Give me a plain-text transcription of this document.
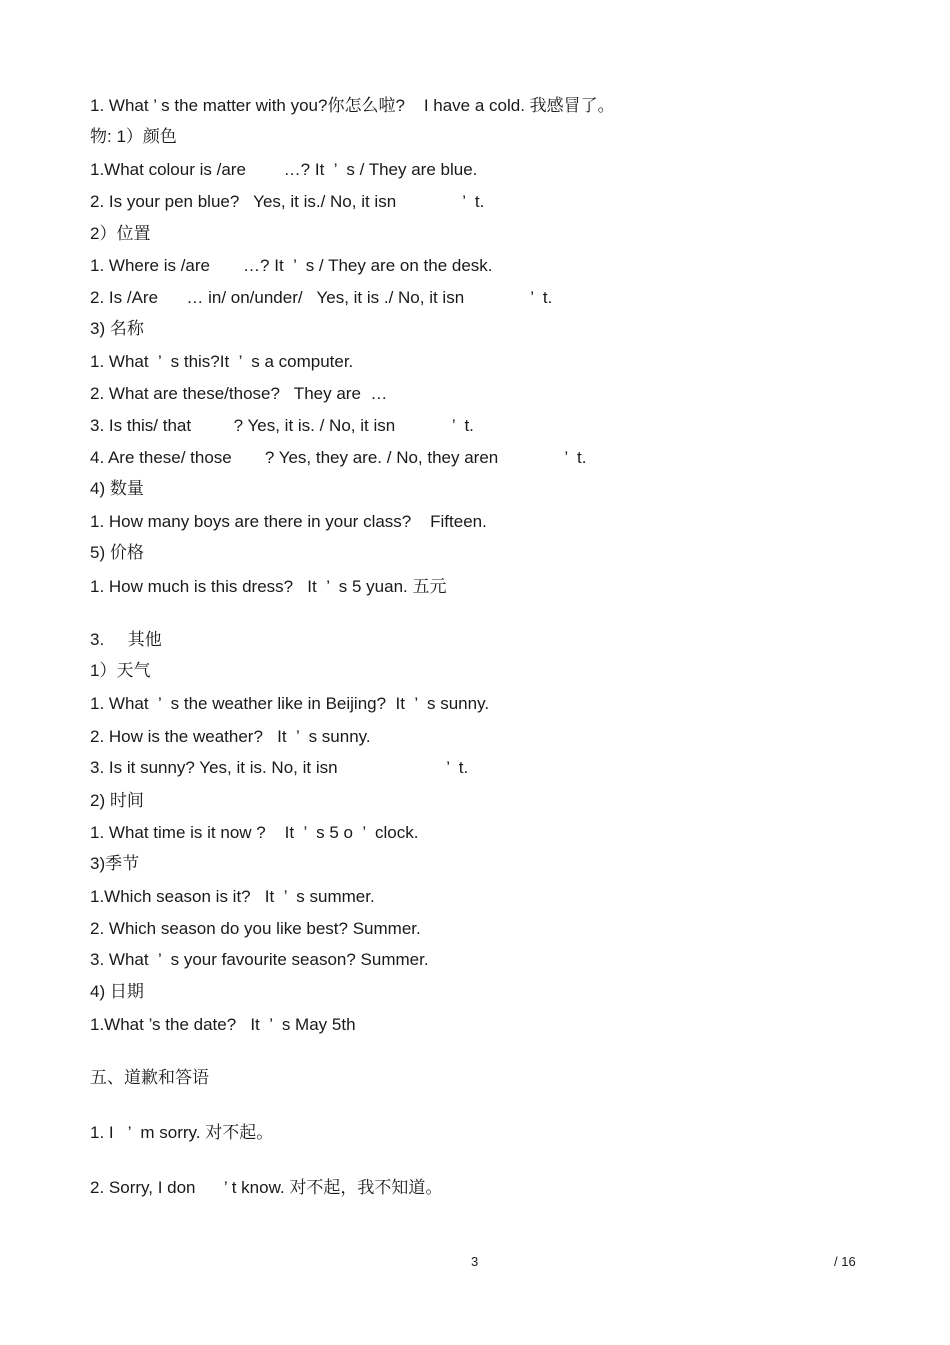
1. What ’ s the matter with you?你怎么啦?    I have a cold. 我感冒了。
物: 1）颜色
1.What colour is /are        …? It  ’  s / They are blue.
2. Is your pen blue?   Yes, it is./ No, it isn              ’  t.
2）位置
1. Where is /are       …? It  ’  s / They are on the desk.
2. Is /Are      … in/ on/under/   Yes, it is ./ No, it isn              ’  t.
3) 名称
1. What  ’  s this?It  ’  s a computer.
2. What are these/those?   They are  …
3. Is this/ that         ? Yes, it is. / No, it isn            ’  t.
4. Are these/ those       ? Yes, they are. / No, they aren              ’  t.
4) 数量
1. How many boys are there in your class?    Fifteen.
5) 价格
1. How much is this dress?   It  ’  s 5 yuan. 五元
3.     其他
1）天气
1. What  ’  s the weather like in Beijing?  It  ’  s sunny.
2. How is the weather?   It  ’  s sunny.
3. Is it sunny? Yes, it is. No, it isn                       ’  t.
2) 时间
1. What time is it now ?    It  ’  s 5 o  ’  clock.
3)季节
1.Which season is it?   It  ’  s summer.
2. Which season do you like best? Summer.
3. What  ’  s your favourite season? Summer.
4) 日期
1.What ’s the date?   It  ’  s May 5th
五、道歉和答语
1. I   ’  m sorry. 对不起。
2. Sorry, I don      ’ t know. 对不起，我不知道。
3	/ 16
